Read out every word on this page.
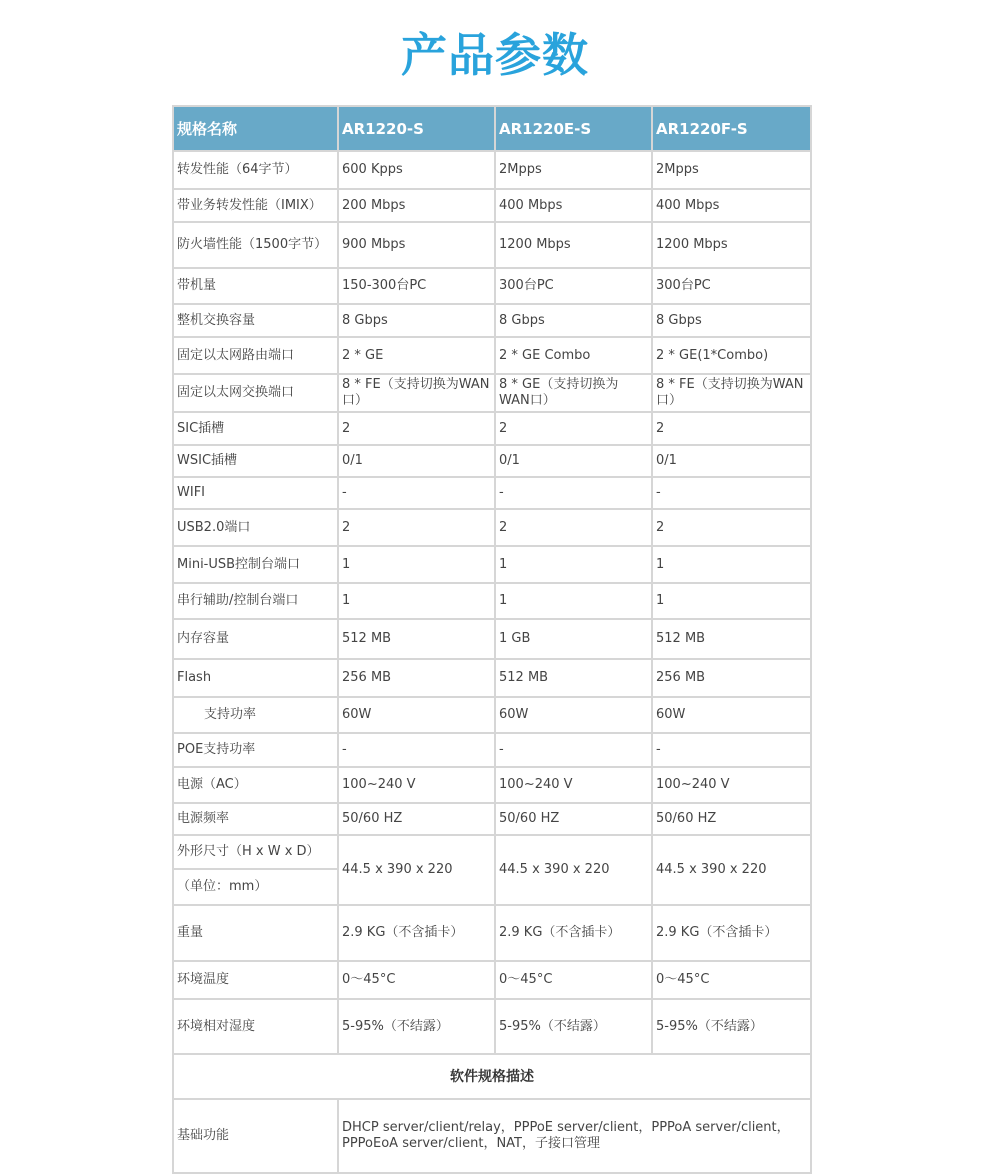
产品参数
规格名称	AR1220-S	AR1220E-S	AR1220F-S
转发性能（64字节）	600 Kpps	2Mpps	2Mpps
带业务转发性能（IMIX）	200 Mbps	400 Mbps	400 Mbps
防火墙性能（1500字节）	900 Mbps	1200 Mbps	1200 Mbps
带机量	150-300台PC	300台PC	300台PC
整机交换容量	8 Gbps	8 Gbps	8 Gbps
固定以太网路由端口	2 * GE	2 * GE Combo	2 * GE(1*Combo)
固定以太网交换端口	8 * FE（支持切换为WAN口）	8 * GE（支持切换为WAN口）	8 * FE（支持切换为WAN口）
SIC插槽	2	2	2
WSIC插槽	0/1	0/1	0/1
WIFI	-	-	-
USB2.0端口	2	2	2
Mini-USB控制台端口	1	1	1
串行辅助/控制台端口	1	1	1
内存容量	512 MB	1 GB	512 MB
Flash	256 MB	512 MB	256 MB
支持功率	60W	60W	60W
POE支持功率	-	-	-
电源（AC）	100~240 V	100~240 V	100~240 V
电源频率	50/60 HZ	50/60 HZ	50/60 HZ
外形尺寸（H x W x D）	44.5 x 390 x 220	44.5 x 390 x 220	44.5 x 390 x 220
（单位：mm）			
重量	2.9 KG（不含插卡）	2.9 KG（不含插卡）	2.9 KG（不含插卡）
环境温度	0～45°C	0～45°C	0～45°C
环境相对湿度	5-95%（不结露）	5-95%（不结露）	5-95%（不结露）
软件规格描述			
基础功能	DHCP server/client/relay，PPPoE server/client，PPPoA server/client，PPPoEoA server/client，NAT，子接口管理		
